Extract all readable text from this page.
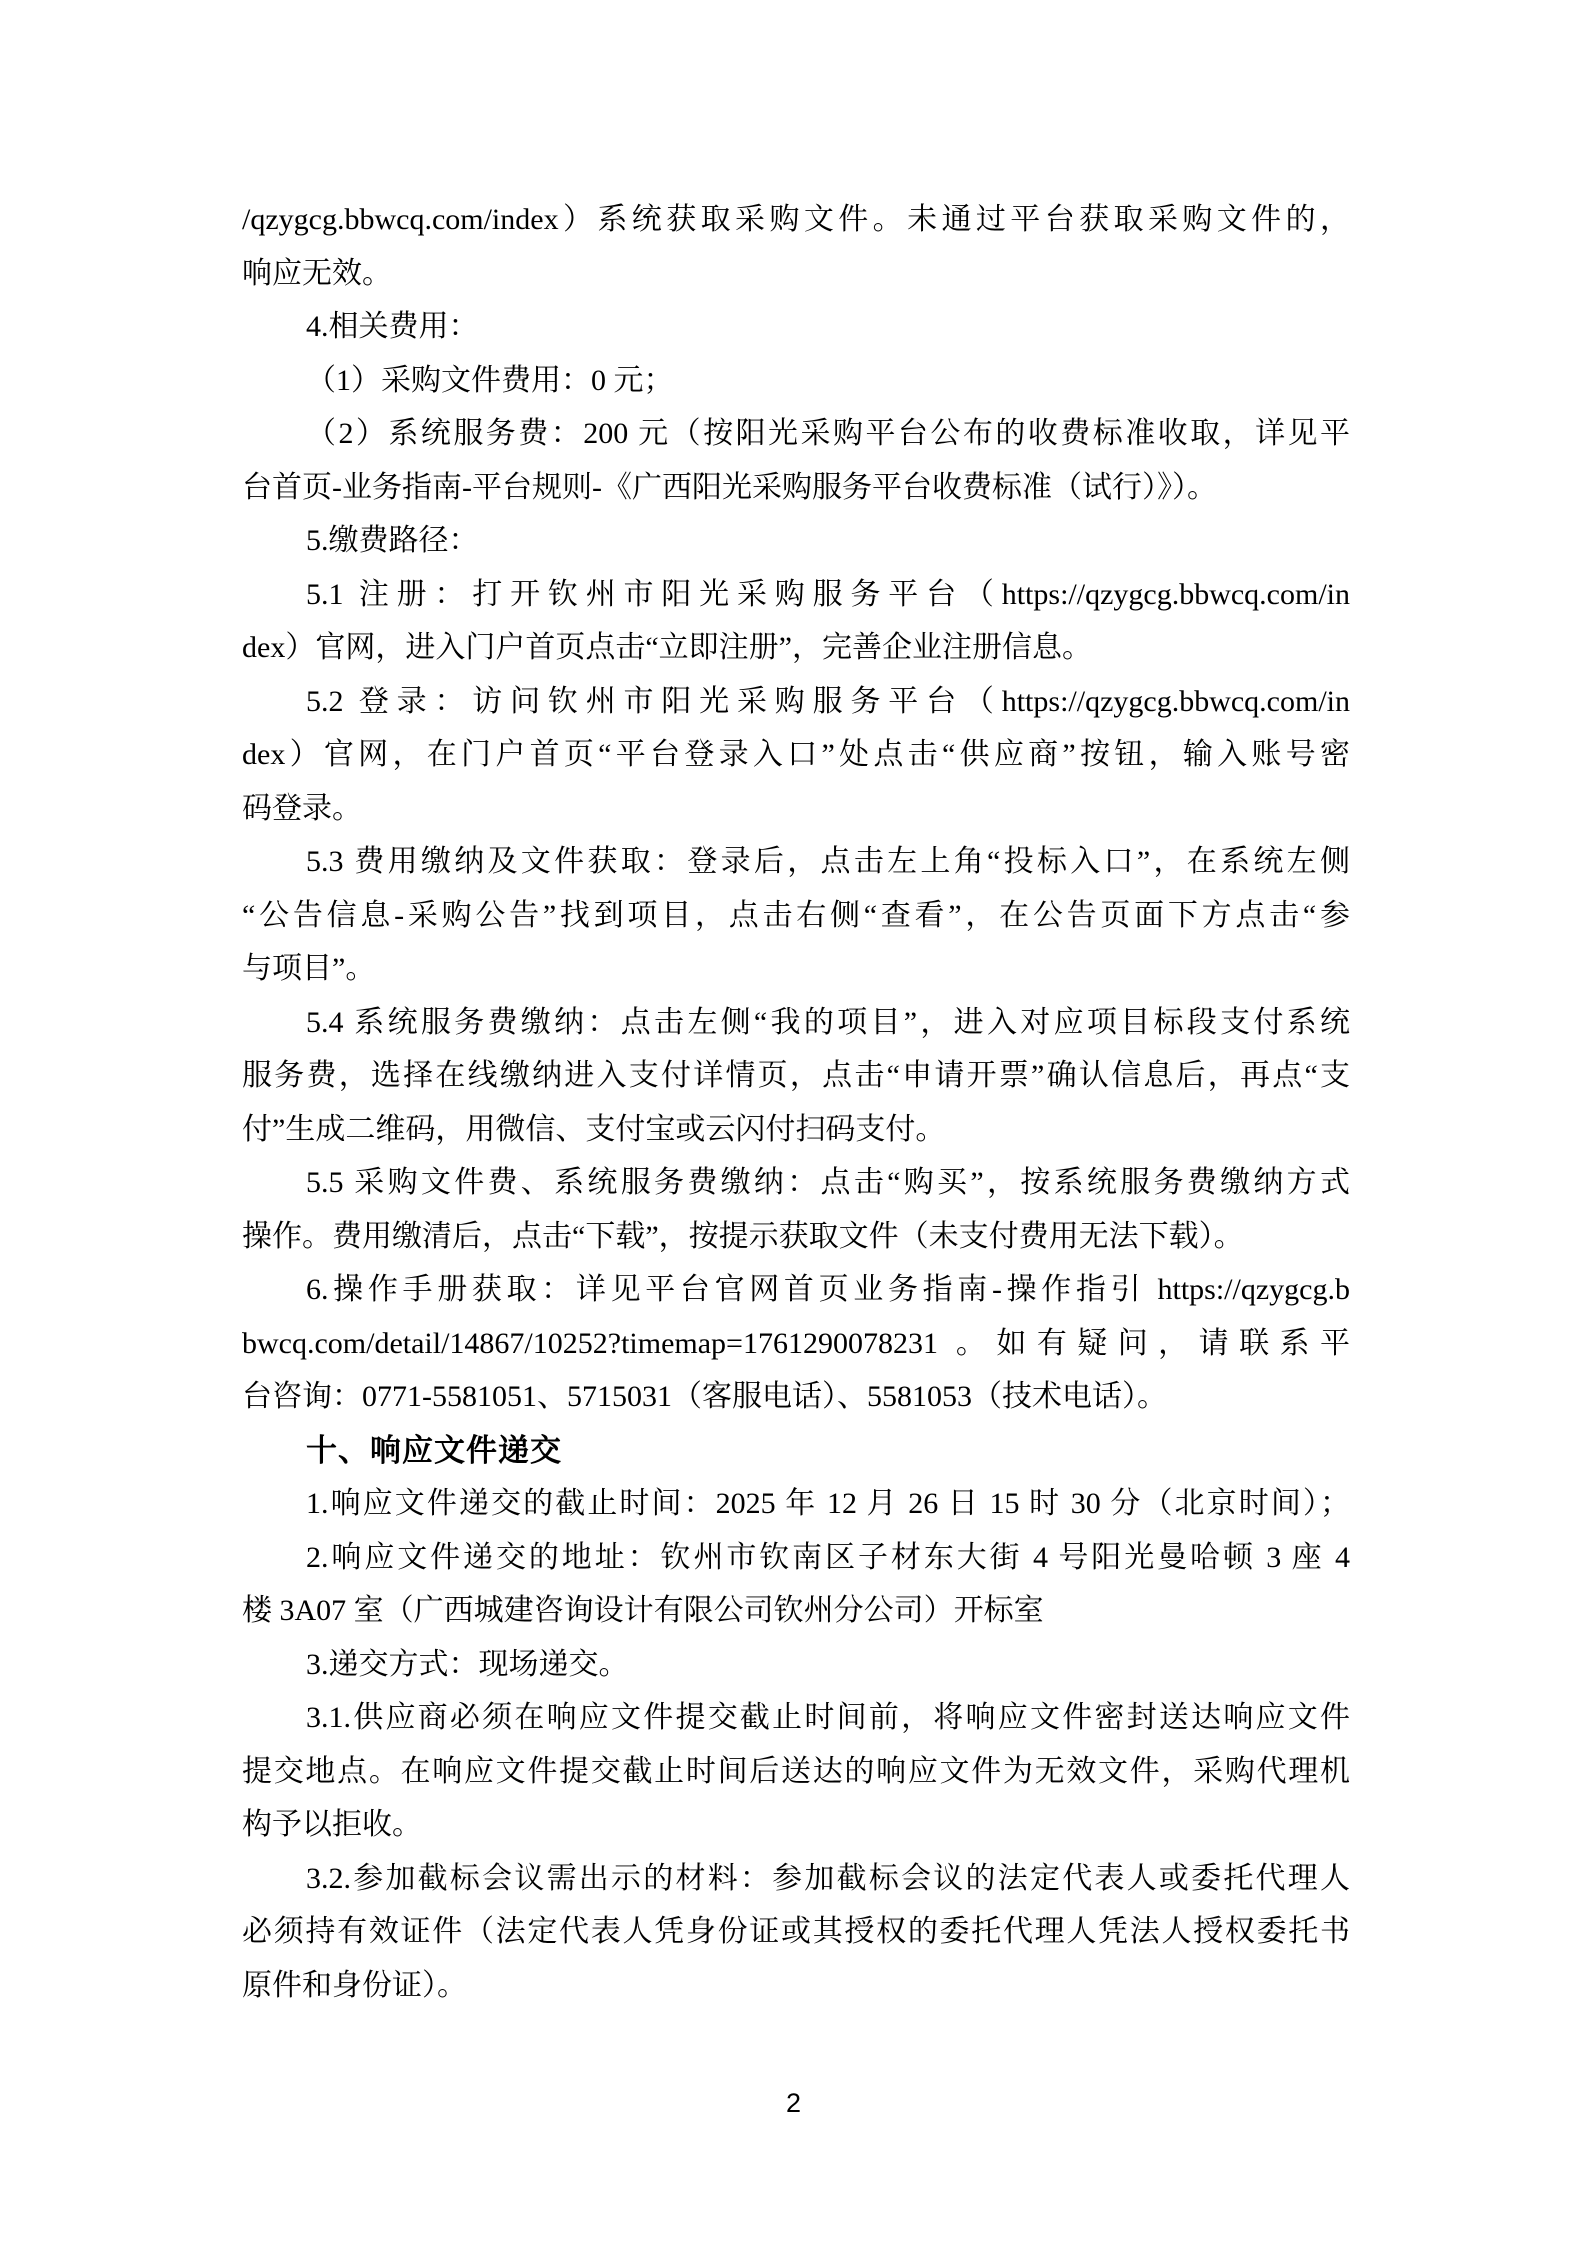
/qzygcg.bbwcq.com/index）系统获取采购文件。未通过平台获取采购文件的，
响应无效。
4.相关费用：
（1）采购文件费用：0 元；
（2）系统服务费：200 元（按阳光采购平台公布的收费标准收取，详见平
台首页-业务指南-平台规则-《广西阳光采购服务平台收费标准（试行）》）。
5.缴费路径：
5.1 注册：打开钦州市阳光采购服务平台（https://qzygcg.bbwcq.com/in
dex）官网，进入门户首页点击“立即注册”，完善企业注册信息。
5.2 登录：访问钦州市阳光采购服务平台（https://qzygcg.bbwcq.com/in
dex）官网，在门户首页“平台登录入口”处点击“供应商”按钮，输入账号密
码登录。
5.3 费用缴纳及文件获取：登录后，点击左上角“投标入口”，在系统左侧
“公告信息-采购公告”找到项目，点击右侧“查看”，在公告页面下方点击“参
与项目”。
5.4 系统服务费缴纳：点击左侧“我的项目”，进入对应项目标段支付系统
服务费，选择在线缴纳进入支付详情页，点击“申请开票”确认信息后，再点“支
付”生成二维码，用微信、支付宝或云闪付扫码支付。
5.5 采购文件费、系统服务费缴纳：点击“购买”，按系统服务费缴纳方式
操作。费用缴清后，点击“下载”，按提示获取文件（未支付费用无法下载）。
6.操作手册获取：详见平台官网首页业务指南-操作指引 https://qzygcg.b
bwcq.com/detail/14867/10252?timemap=1761290078231 。如有疑问，请联系平
台咨询：0771-5581051、5715031（客服电话）、5581053（技术电话）。
十、响应文件递交
1.响应文件递交的截止时间：2025 年 12 月 26 日 15 时 30 分（北京时间）；
2.响应文件递交的地址：钦州市钦南区子材东大街 4 号阳光曼哈顿 3 座 4
楼 3A07 室（广西城建咨询设计有限公司钦州分公司）开标室
3.递交方式：现场递交。
3.1.供应商必须在响应文件提交截止时间前，将响应文件密封送达响应文件
提交地点。在响应文件提交截止时间后送达的响应文件为无效文件，采购代理机
构予以拒收。
3.2.参加截标会议需出示的材料：参加截标会议的法定代表人或委托代理人
必须持有效证件（法定代表人凭身份证或其授权的委托代理人凭法人授权委托书
原件和身份证）。
2
